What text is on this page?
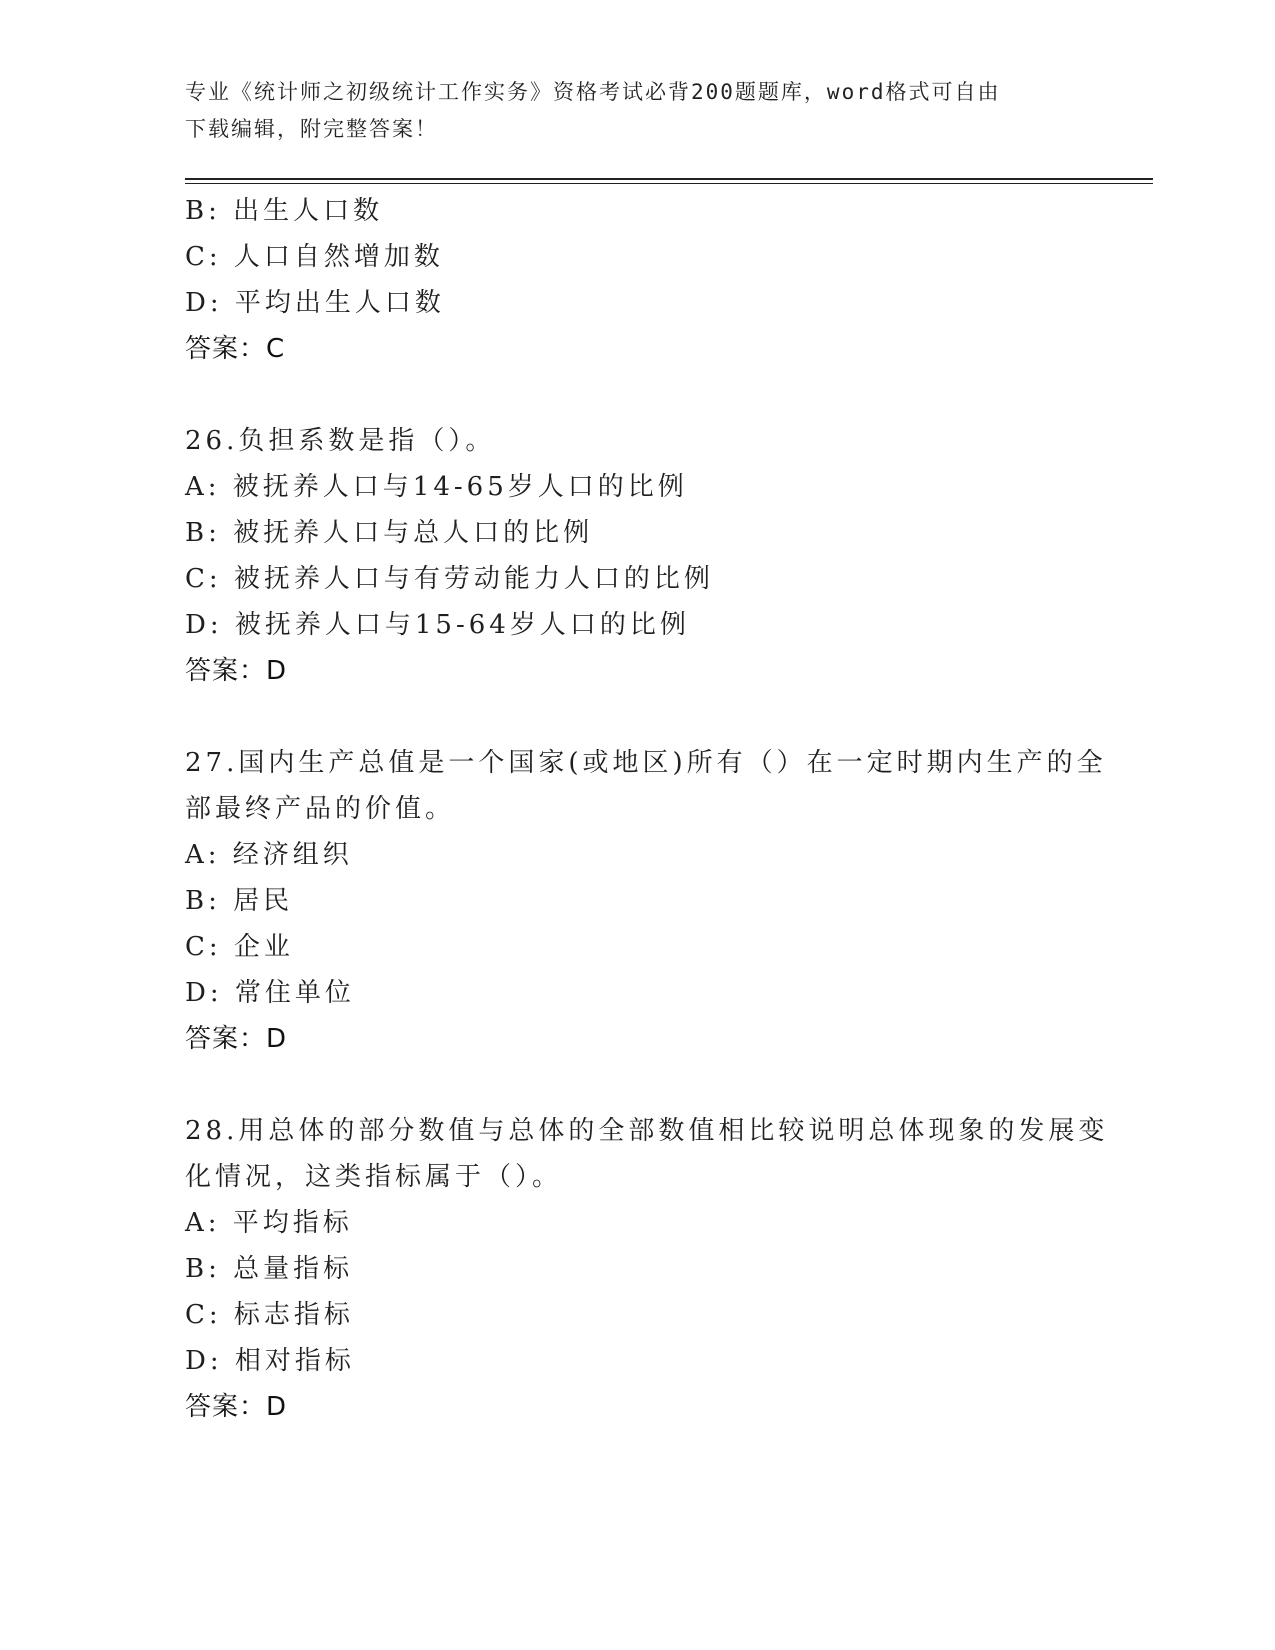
专业《统计师之初级统计工作实务》资格考试必背200题题库，word格式可自由
下载编辑，附完整答案！
B: 出生人口数
C: 人口自然增加数
D: 平均出生人口数
答案：C
26.负担系数是指（）。
A: 被抚养人口与14-65岁人口的比例
B: 被抚养人口与总人口的比例
C: 被抚养人口与有劳动能力人口的比例
D: 被抚养人口与15-64岁人口的比例
答案：D
27.国内生产总值是一个国家(或地区)所有（）在一定时期内生产的全
部最终产品的价值。
A: 经济组织
B: 居民
C: 企业
D: 常住单位
答案：D
28.用总体的部分数值与总体的全部数值相比较说明总体现象的发展变
化情况，这类指标属于（）。
A: 平均指标
B: 总量指标
C: 标志指标
D: 相对指标
答案：D
